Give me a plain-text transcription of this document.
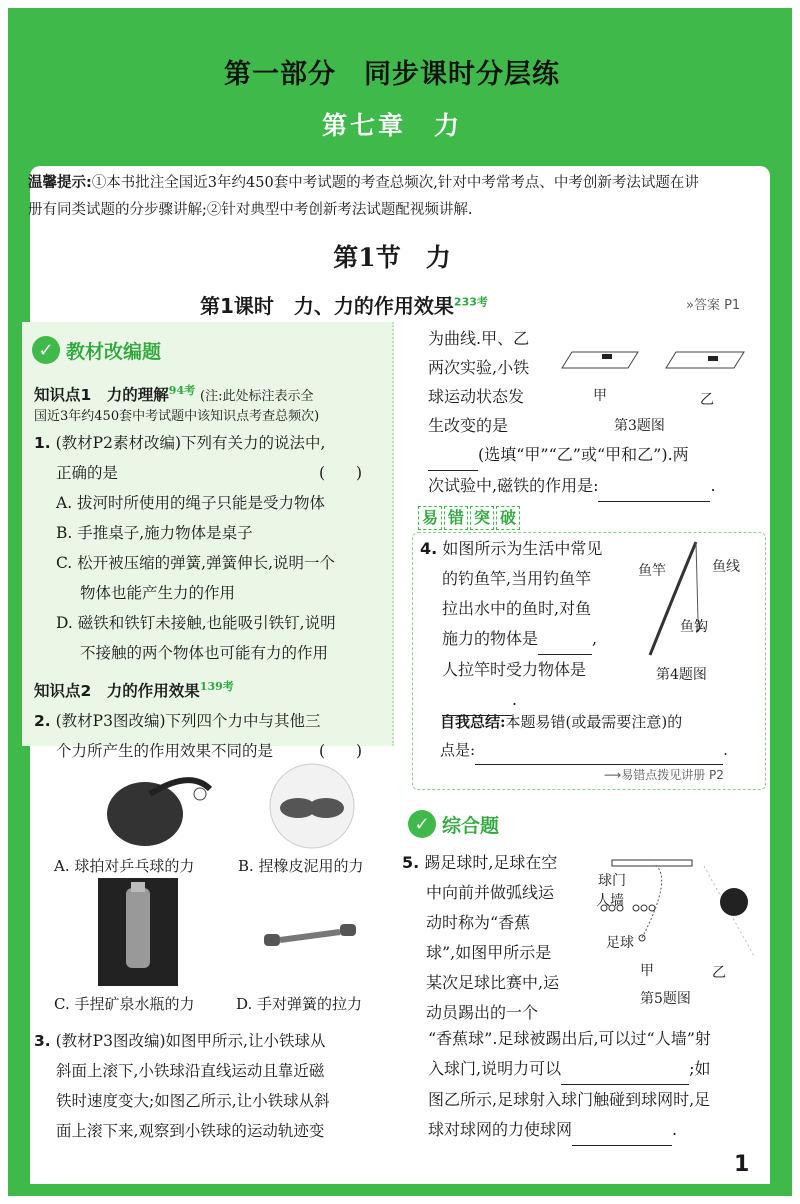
第一部分　同步课时分层练
第七章　力
温馨提示:①本书批注全国近3年约450套中考试题的考查总频次,针对中考常考点、中考创新考法试题在讲
册有同类试题的分步骤讲解;②针对典型中考创新考法试题配视频讲解.
第1节　力
第1课时　力、力的作用效果$^{233考}$	»答案 P1
✓ 教材改编题
知识点1　力的理解$^{94考}$ (注:此处标注表示全
国近3年约450套中考试题中该知识点考查总频次)
1. (教材P2素材改编)下列有关力的说法中,
正确的是	(　　)
A. 拔河时所使用的绳子只能是受力物体
B. 手推桌子,施力物体是桌子
C. 松开被压缩的弹簧,弹簧伸长,说明一个
物体也能产生力的作用
D. 磁铁和铁钉未接触,也能吸引铁钉,说明
不接触的两个物体也可能有力的作用
知识点2　力的作用效果$^{139考}$
2. (教材P3图改编)下列四个力中与其他三
个力所产生的作用效果不同的是	(　　)
A. 球拍对乒乓球的力	B. 捏橡皮泥用的力
C. 手捏矿泉水瓶的力	D. 手对弹簧的拉力
3. (教材P3图改编)如图甲所示,让小铁球从
斜面上滚下,小铁球沿直线运动且靠近磁
铁时速度变大;如图乙所示,让小铁球从斜
面上滚下来,观察到小铁球的运动轨迹变
为曲线.甲、乙
两次实验,小铁
球运动状态发
生改变的是
甲	乙
第3题图
(选填“甲”“乙”或“甲和乙”).两
次试验中,磁铁的作用是:	.
易 错 突 破
4. 如图所示为生活中常见
的钓鱼竿,当用钓鱼竿
拉出水中的鱼时,对鱼
施力的物体是	,
人拉竿时受力物体是
.
鱼竿	鱼线
鱼钩
第4题图
自我总结:本题易错(或最需要注意)的
点是:	.
⟶易错点拨见讲册 P2
✓ 综合题
5. 踢足球时,足球在空
中向前并做弧线运
动时称为“香蕉
球”,如图甲所示是
某次足球比赛中,运
动员踢出的一个
球门
人墙
足球
甲	乙
第5题图
“香蕉球”.足球被踢出后,可以过“人墙”射
入球门,说明力可以	;如
图乙所示,足球射入球门触碰到球网时,足
球对球网的力使球网	.
1
